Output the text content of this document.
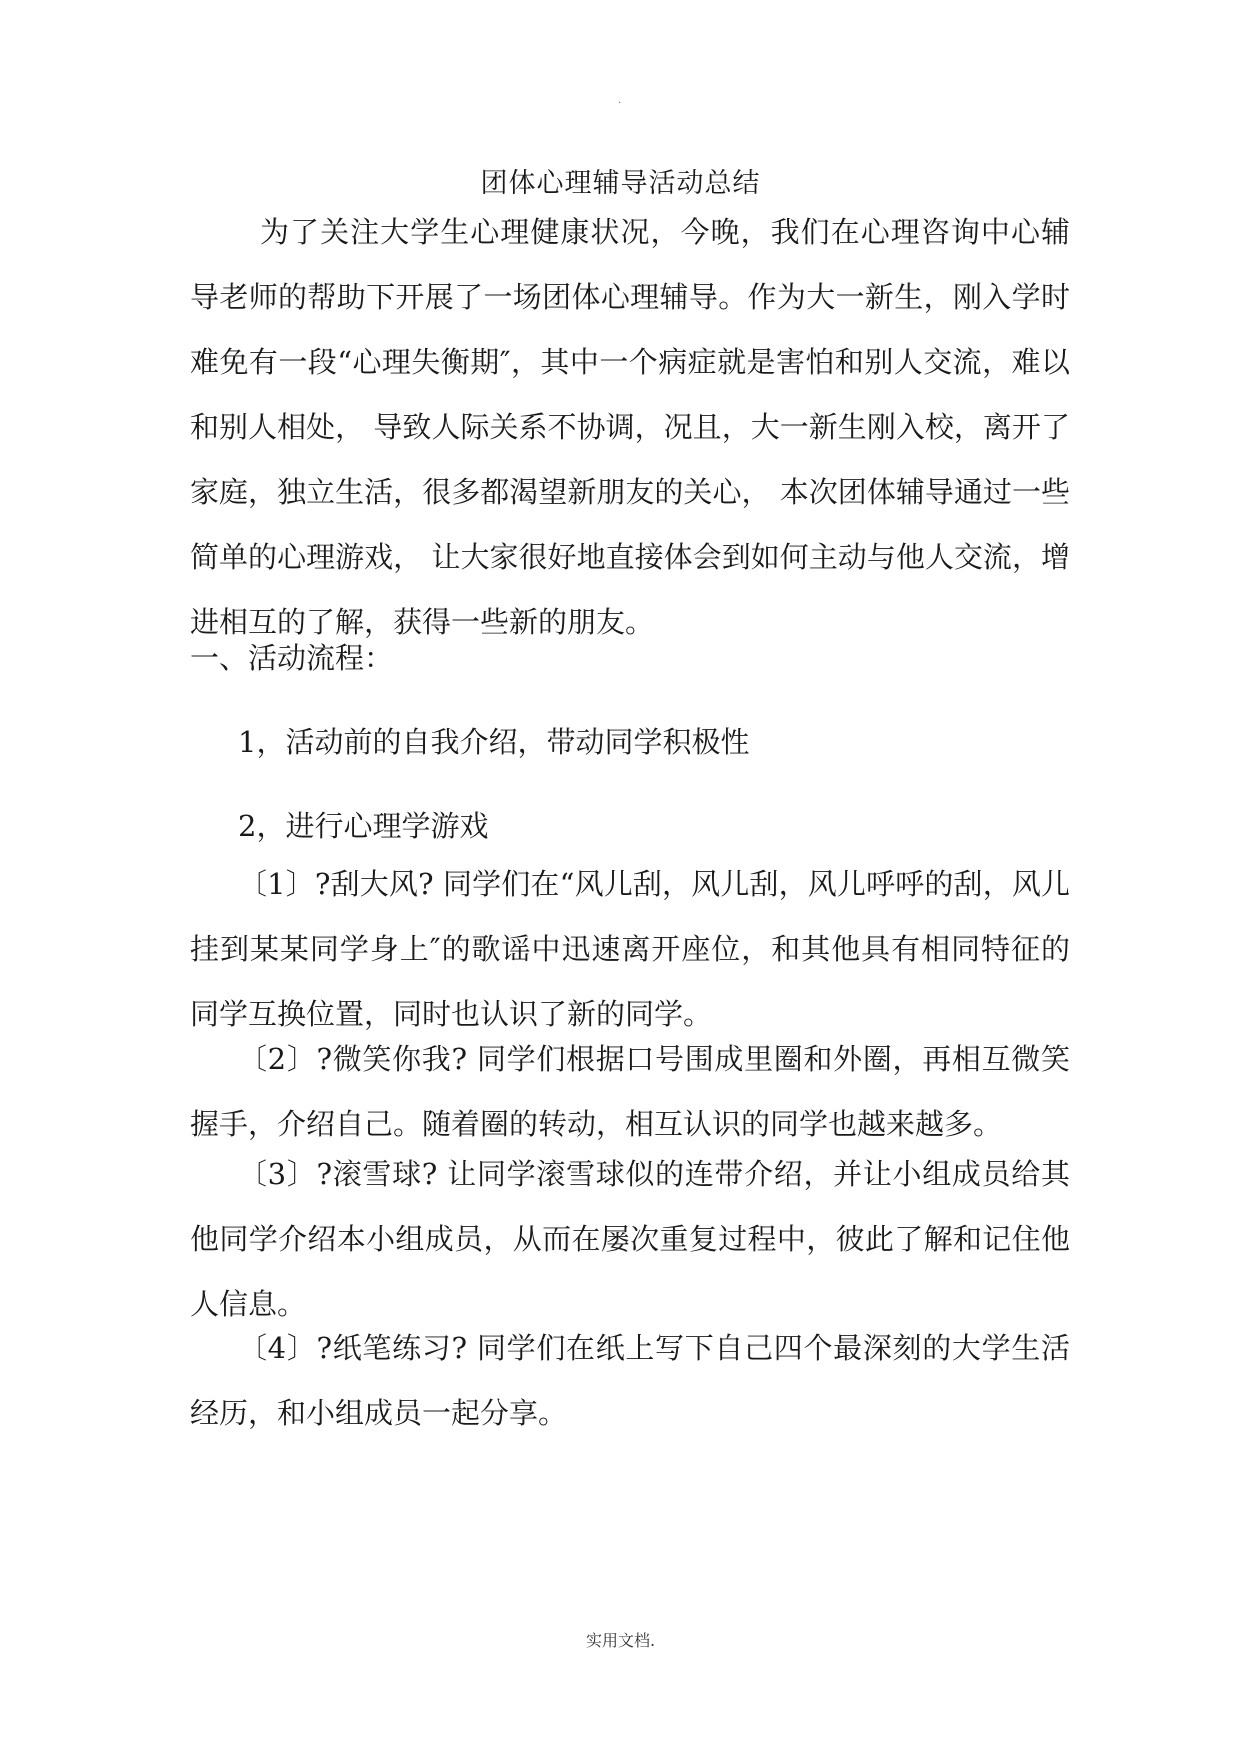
.
团体心理辅导活动总结

为了关注大学生心理健康状况，今晚，我们在心理咨询中心辅导老师的帮助下开展了一场团体心理辅导。作为大一新生，刚入学时难免有一段“心理失衡期″，其中一个病症就是害怕和别人交流，难以和别人相处， 导致人际关系不协调，况且，大一新生刚入校，离开了家庭，独立生活，很多都渴望新朋友的关心， 本次团体辅导通过一些简单的心理游戏， 让大家很好地直接体会到如何主动与他人交流，增进相互的了解，获得一些新的朋友。

一、活动流程：

1，活动前的自我介绍，带动同学积极性

2，进行心理学游戏

〔1〕?刮大风? 同学们在“风儿刮，风儿刮，风儿呼呼的刮，风儿挂到某某同学身上″的歌谣中迅速离开座位，和其他具有相同特征的同学互换位置，同时也认识了新的同学。

〔2〕?微笑你我? 同学们根据口号围成里圈和外圈，再相互微笑握手，介绍自己。随着圈的转动，相互认识的同学也越来越多。

〔3〕?滚雪球? 让同学滚雪球似的连带介绍，并让小组成员给其他同学介绍本小组成员，从而在屡次重复过程中，彼此了解和记住他人信息。

〔4〕?纸笔练习? 同学们在纸上写下自己四个最深刻的大学生活经历，和小组成员一起分享。

实用文档.
